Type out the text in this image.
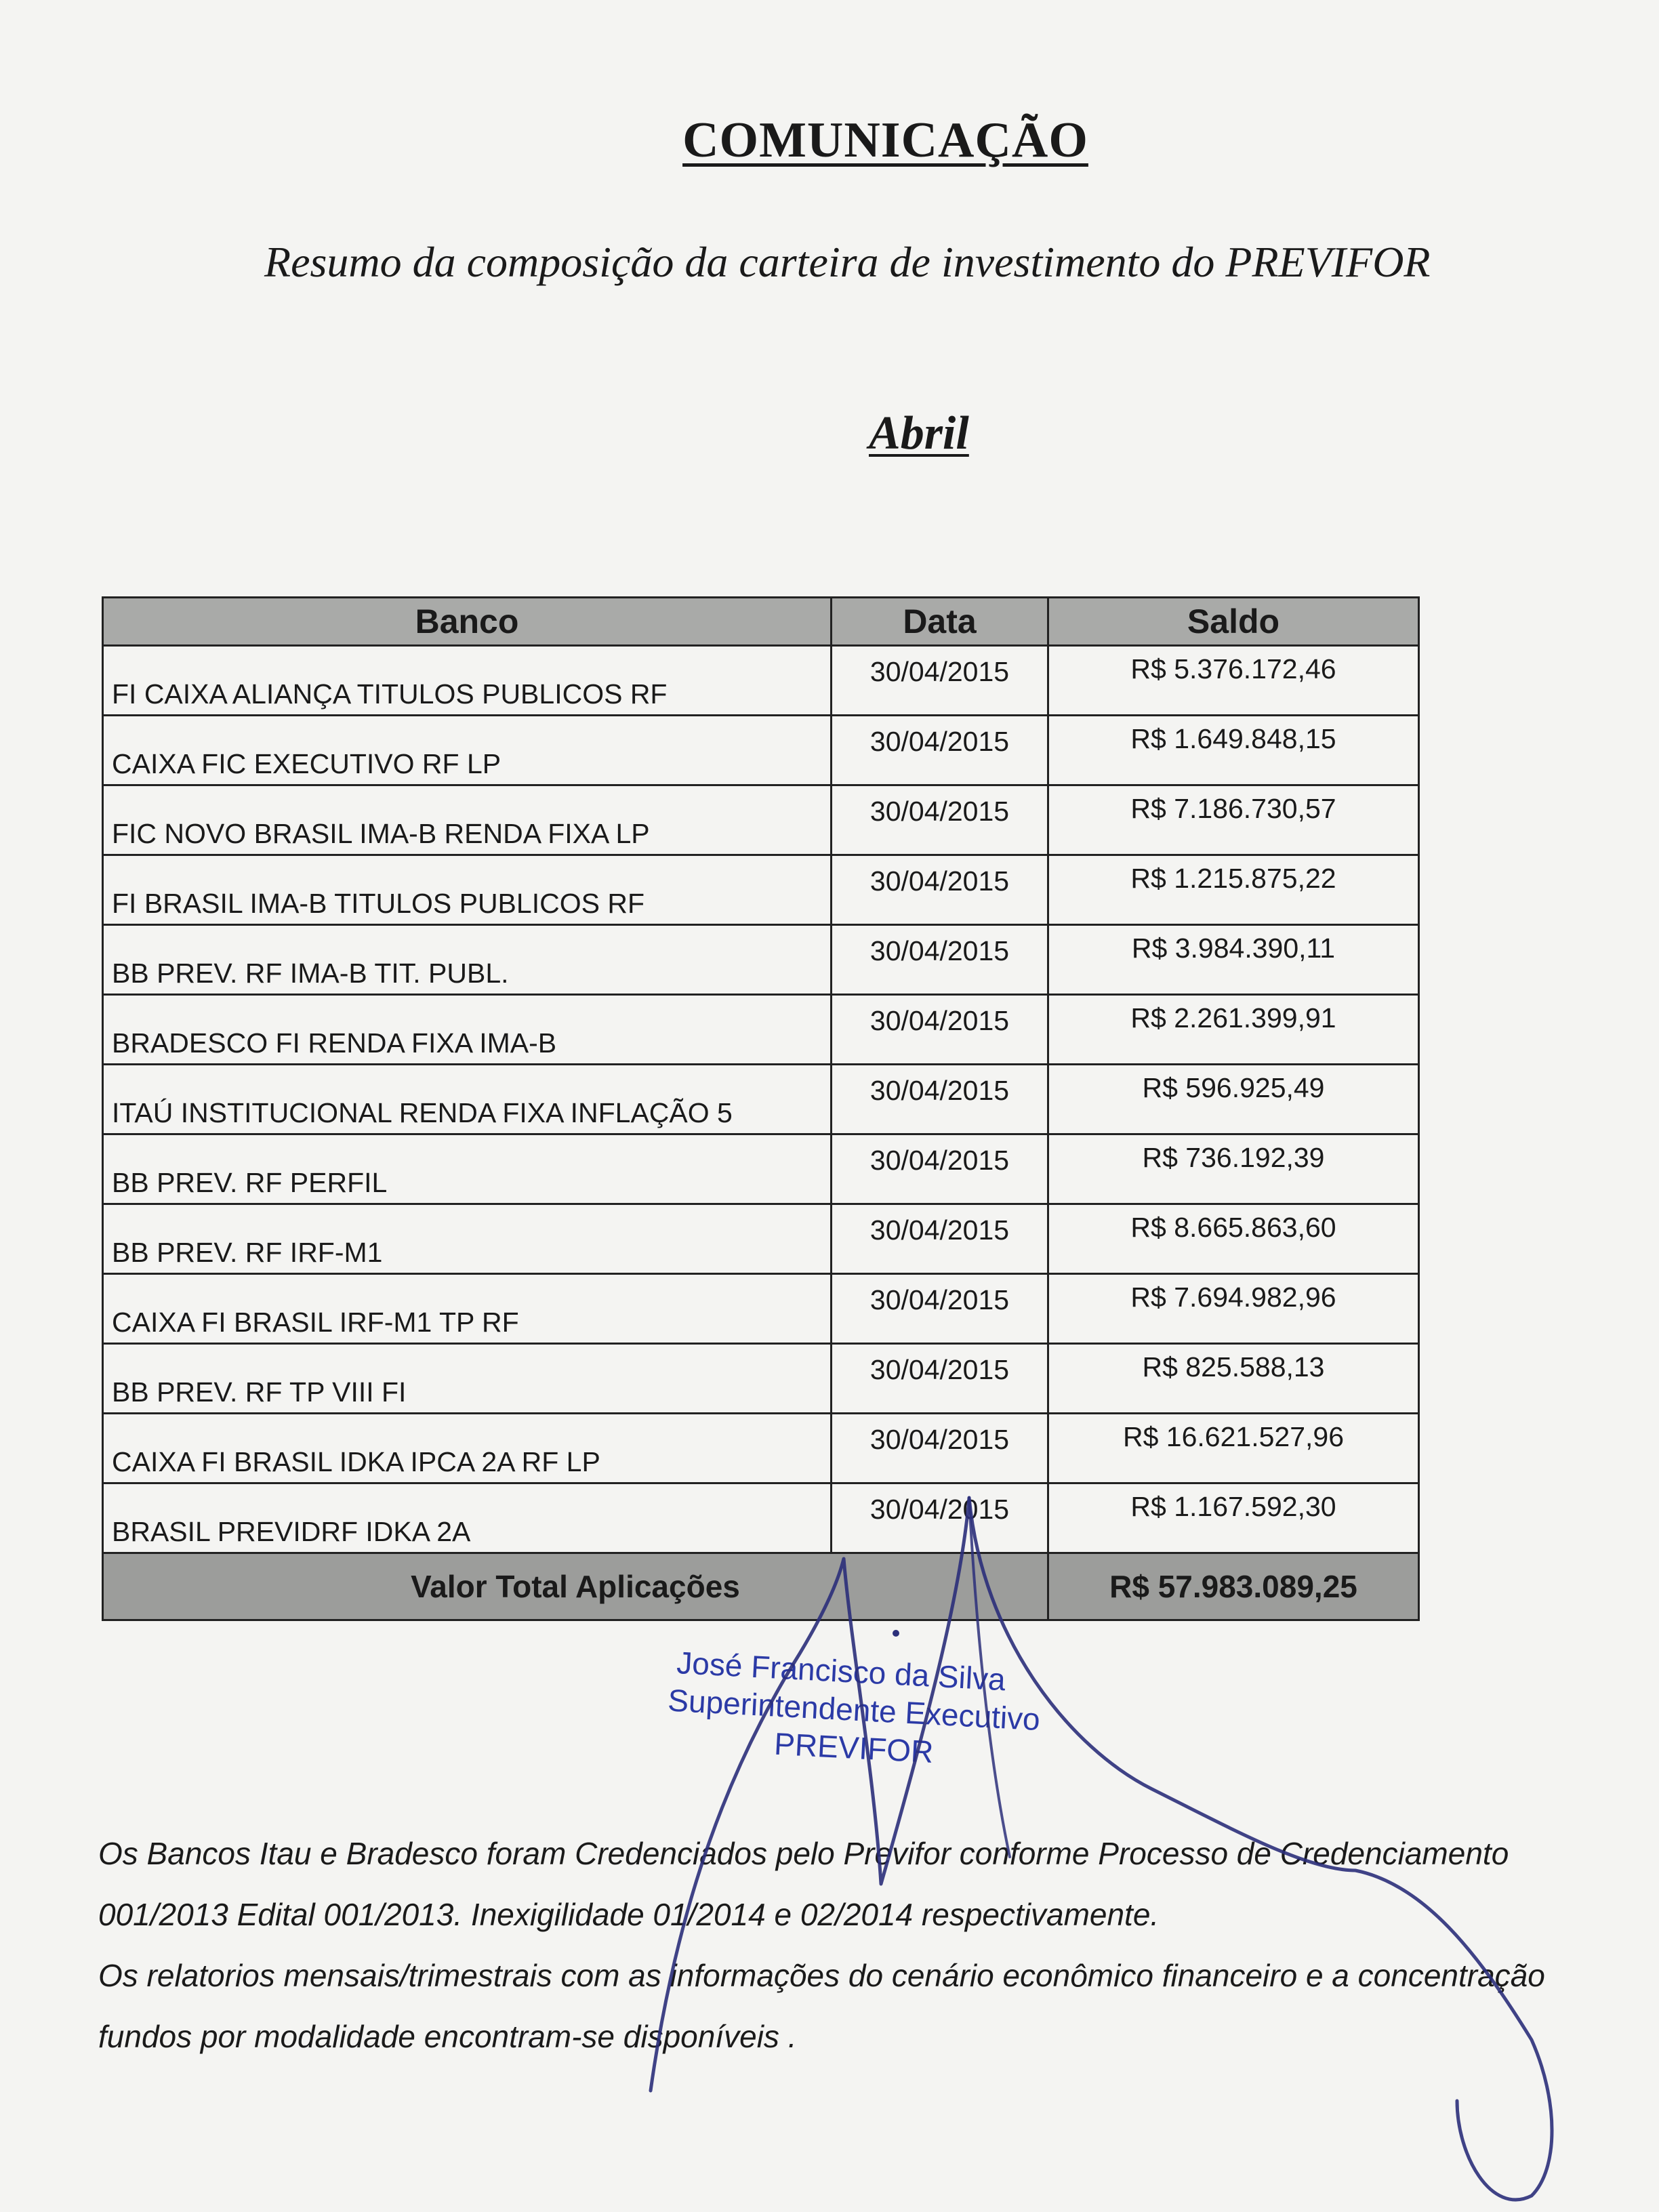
COMUNICAÇÃO
Resumo da composição da carteira de investimento do PREVIFOR
Abril
Banco	Data	Saldo
FI CAIXA ALIANÇA TITULOS PUBLICOS RF	30/04/2015	R$ 5.376.172,46
CAIXA FIC EXECUTIVO RF LP	30/04/2015	R$ 1.649.848,15
FIC NOVO BRASIL IMA-B RENDA FIXA LP	30/04/2015	R$ 7.186.730,57
FI BRASIL IMA-B TITULOS PUBLICOS RF	30/04/2015	R$ 1.215.875,22
BB PREV. RF IMA-B TIT. PUBL.	30/04/2015	R$ 3.984.390,11
BRADESCO FI RENDA FIXA IMA-B	30/04/2015	R$ 2.261.399,91
ITAÚ INSTITUCIONAL RENDA FIXA INFLAÇÃO 5	30/04/2015	R$ 596.925,49
BB PREV. RF PERFIL	30/04/2015	R$ 736.192,39
BB PREV. RF IRF-M1	30/04/2015	R$ 8.665.863,60
CAIXA FI BRASIL IRF-M1 TP RF	30/04/2015	R$ 7.694.982,96
BB PREV. RF TP VIII FI	30/04/2015	R$ 825.588,13
CAIXA FI BRASIL IDKA IPCA 2A RF LP	30/04/2015	R$ 16.621.527,96
BRASIL PREVIDRF IDKA 2A	30/04/2015	R$ 1.167.592,30
Valor Total Aplicações		R$ 57.983.089,25
José Francisco da Silva
Superintendente Executivo
PREVIFOR
Os Bancos Itau e Bradesco foram Credenciados pelo Previfor conforme Processo de Credenciamento
001/2013 Edital 001/2013. Inexigilidade 01/2014 e 02/2014 respectivamente.
Os relatorios mensais/trimestrais com as informações do cenário econômico financeiro e a concentração
fundos por modalidade encontram-se disponíveis .
